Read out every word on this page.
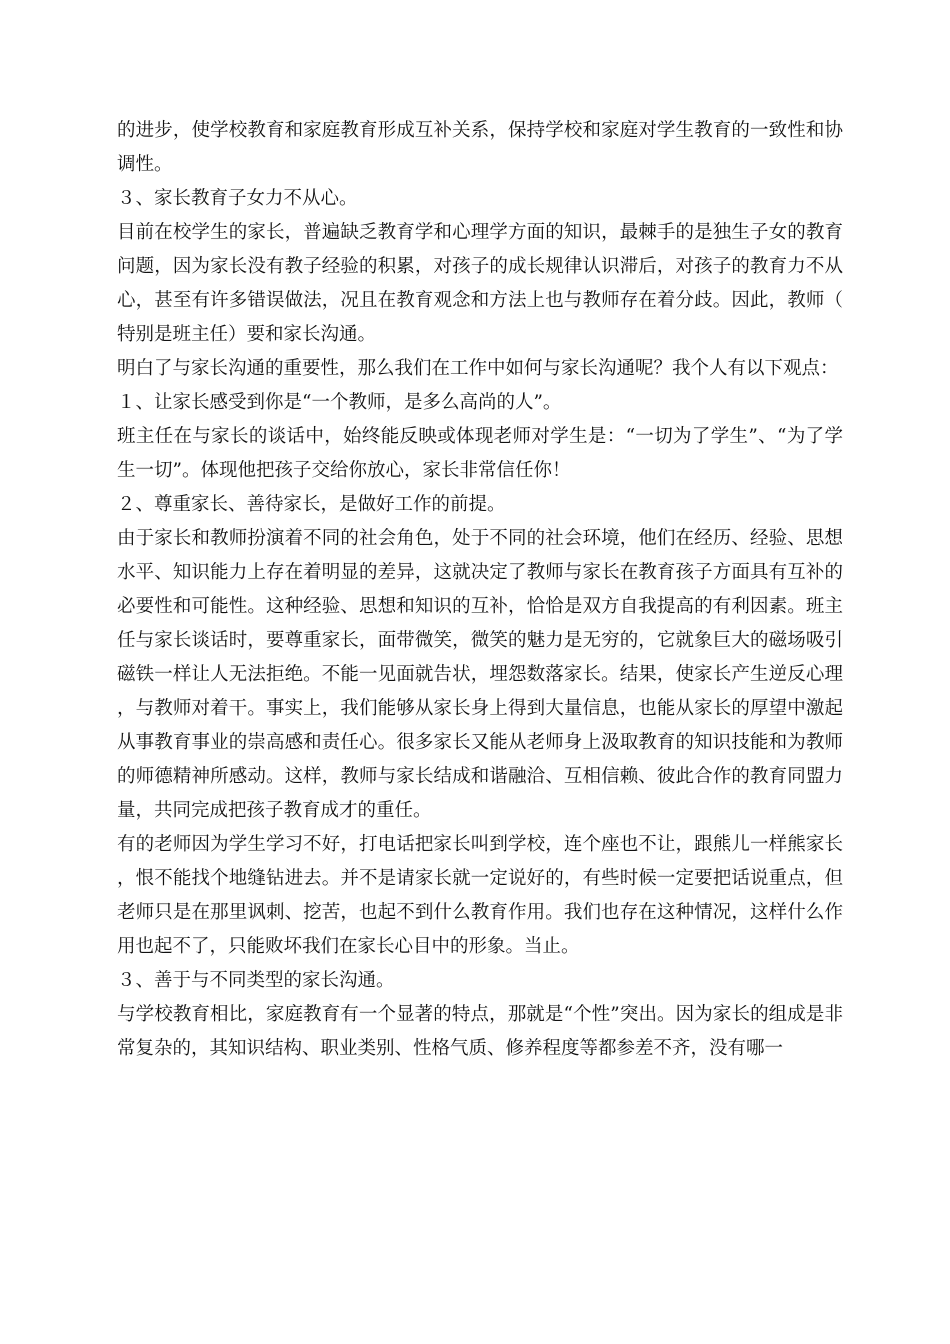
的进步，使学校教育和家庭教育形成互补关系，保持学校和家庭对学生教育的一致性和协调性。

３、家长教育子女力不从心。

目前在校学生的家长，普遍缺乏教育学和心理学方面的知识，最棘手的是独生子女的教育问题，因为家长没有教子经验的积累，对孩子的成长规律认识滞后，对孩子的教育力不从心，甚至有许多错误做法，况且在教育观念和方法上也与教师存在着分歧。因此，教师（特别是班主任）要和家长沟通。

明白了与家长沟通的重要性，那么我们在工作中如何与家长沟通呢？我个人有以下观点：

１、让家长感受到你是“一个教师，是多么高尚的人”。

班主任在与家长的谈话中，始终能反映或体现老师对学生是：“一切为了学生”、“为了学生一切”。体现他把孩子交给你放心，家长非常信任你！

２、尊重家长、善待家长，是做好工作的前提。

由于家长和教师扮演着不同的社会角色，处于不同的社会环境，他们在经历、经验、思想水平、知识能力上存在着明显的差异，这就决定了教师与家长在教育孩子方面具有互补的必要性和可能性。这种经验、思想和知识的互补，恰恰是双方自我提高的有利因素。班主任与家长谈话时，要尊重家长，面带微笑，微笑的魅力是无穷的，它就象巨大的磁场吸引磁铁一样让人无法拒绝。不能一见面就告状，埋怨数落家长。结果，使家长产生逆反心理，与教师对着干。事实上，我们能够从家长身上得到大量信息，也能从家长的厚望中激起从事教育事业的崇高感和责任心。很多家长又能从老师身上汲取教育的知识技能和为教师的师德精神所感动。这样，教师与家长结成和谐融洽、互相信赖、彼此合作的教育同盟力量，共同完成把孩子教育成才的重任。

有的老师因为学生学习不好，打电话把家长叫到学校，连个座也不让，跟熊儿一样熊家长，恨不能找个地缝钻进去。并不是请家长就一定说好的，有些时候一定要把话说重点，但老师只是在那里讽刺、挖苦，也起不到什么教育作用。我们也存在这种情况，这样什么作用也起不了，只能败坏我们在家长心目中的形象。当止。

３、善于与不同类型的家长沟通。

与学校教育相比，家庭教育有一个显著的特点，那就是“个性”突出。因为家长的组成是非常复杂的，其知识结构、职业类别、性格气质、修养程度等都参差不齐，没有哪一
